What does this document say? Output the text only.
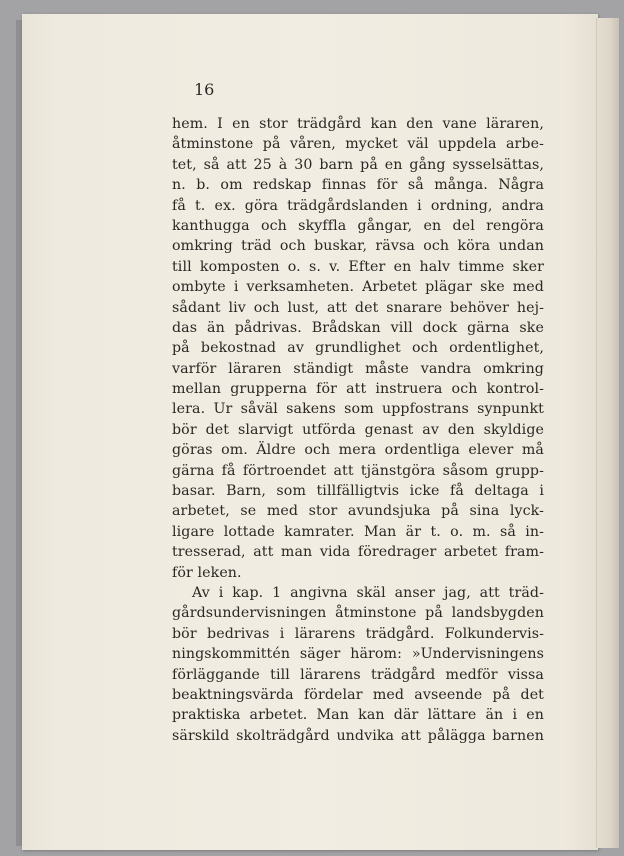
16

hem. I en stor trädgård kan den vane läraren,
åtminstone på våren, mycket väl uppdela arbe-
tet, så att 25 à 30 barn på en gång sysselsättas,
n. b. om redskap finnas för så många. Några
få t. ex. göra trädgårdslanden i ordning, andra
kanthugga och skyffla gångar, en del rengöra
omkring träd och buskar, rävsa och köra undan
till komposten o. s. v. Efter en halv timme sker
ombyte i verksamheten. Arbetet plägar ske med
sådant liv och lust, att det snarare behöver hej-
das än pådrivas. Brådskan vill dock gärna ske
på bekostnad av grundlighet och ordentlighet,
varför läraren ständigt måste vandra omkring
mellan grupperna för att instruera och kontrol-
lera. Ur såväl sakens som uppfostrans synpunkt
bör det slarvigt utförda genast av den skyldige
göras om. Äldre och mera ordentliga elever må
gärna få förtroendet att tjänstgöra såsom grupp-
basar. Barn, som tillfälligtvis icke få deltaga i
arbetet, se med stor avundsjuka på sina lyck-
ligare lottade kamrater. Man är t. o. m. så in-
tresserad, att man vida föredrager arbetet fram-
för leken.
Av i kap. 1 angivna skäl anser jag, att träd-
gårdsundervisningen åtminstone på landsbygden
bör bedrivas i lärarens trädgård. Folkundervis-
ningskommittén säger härom: »Undervisningens
förläggande till lärarens trädgård medför vissa
beaktningsvärda fördelar med avseende på det
praktiska arbetet. Man kan där lättare än i en
särskild skolträdgård undvika att pålägga barnen
